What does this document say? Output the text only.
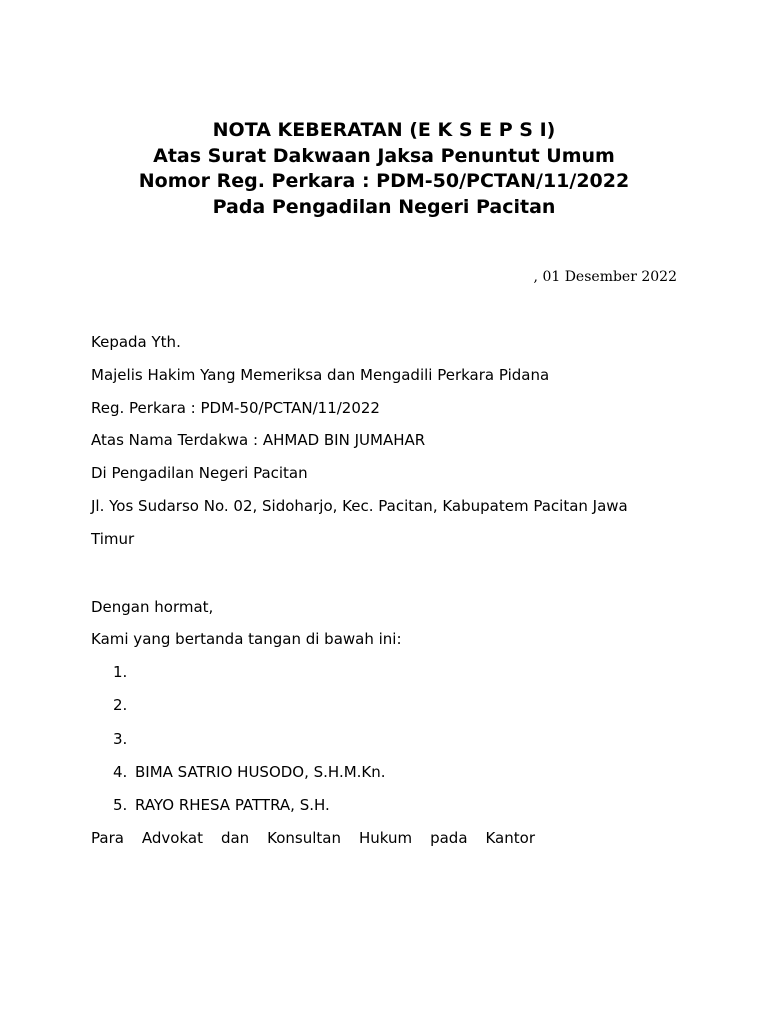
NOTA KEBERATAN (E K S E P S I)
Atas Surat Dakwaan Jaksa Penuntut Umum
Nomor Reg. Perkara : PDM-50/PCTAN/11/2022
Pada Pengadilan Negeri Pacitan
, 01 Desember 2022
Kepada Yth.
Majelis Hakim Yang Memeriksa dan Mengadili Perkara Pidana
Reg. Perkara : PDM-50/PCTAN/11/2022
Atas Nama Terdakwa : AHMAD BIN JUMAHAR
Di Pengadilan Negeri Pacitan
Jl. Yos Sudarso No. 02, Sidoharjo, Kec. Pacitan, Kabupatem Pacitan Jawa
Timur
Dengan hormat,
Kami yang bertanda tangan di bawah ini:
1.
2.
3.
4. BIMA SATRIO HUSODO, S.H.M.Kn.
5. RAYO RHESA PATTRA, S.H.
Para Advokat dan Konsultan Hukum pada Kantor
